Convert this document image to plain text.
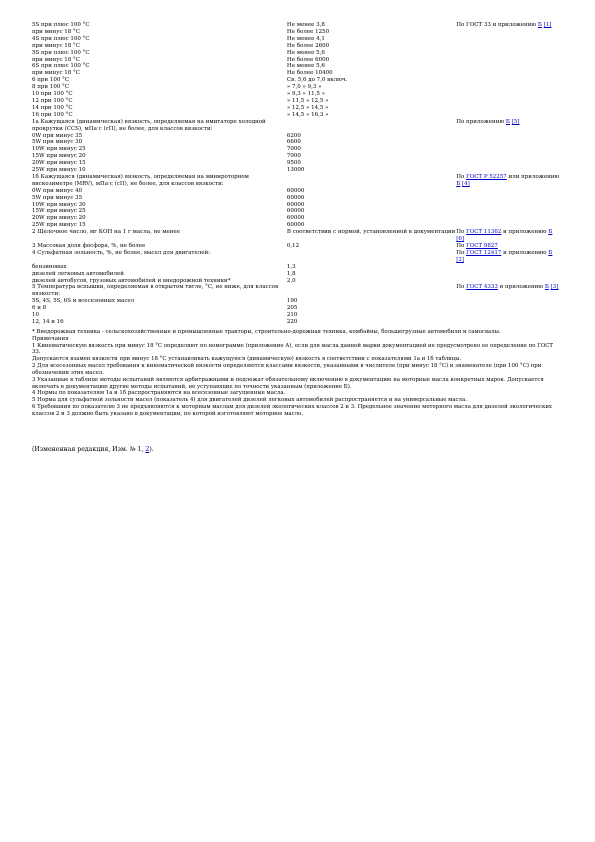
5S при плюс 100 °С	Не менее 3,8	По ГОСТ 33 и приложению Б [1]
при минус 18 °С	Не более 1250	
4S при плюс 100 °С	Не менее 4,1	
при минус 18 °С	Не более 2600	
5S при плюс 100 °С	Не менее 5,6	
при минус 18 °С	Не более 6000	
6S при плюс 100 °С	Не менее 5,6	
при минус 18 °С	Не более 10400	
6 при 100 °С	Св. 5,6 до 7,0 включ.	
8 при 100 °С	» 7,0 » 9,3 »	
10 при 100 °С	» 9,3 » 11,5 »	
12 при 100 °С	» 11,5 » 12,5 »	
14 при 100 °С	» 12,5 » 14,5 »	
16 при 100 °С	» 14,5 » 16,3 »	
1а Кажущаяся (динамическая) вязкость, определяемая на имитаторе холодной прокрутки (CCS), мПа·с (сП), не более, для классов вязкости:		По приложению Б [5]
0W при минус 35	6200	
5W при минус 30	6600	
10W при минус 25	7000	
15W при минус 20	7000	
20W при минус 15	9500	
25W при минус 10	13000	
1б Кажущаяся (динамическая) вязкость, определяемая на минироторном вискозиметре (MRV), мПа·с (сП), не более, для классов вязкости:		По ГОСТ Р 52257 или приложению Б [4]
0W при минус 40	60000	
5W при минус 35	60000	
10W при минус 30	60000	
15W при минус 25	60000	
20W при минус 20	60000	
25W при минус 15	60000	
2 Щелочное число, мг КОН на 1 г масла, не менее	В соответствии с нормой, установленной в документации	По ГОСТ 11362 и приложению Б [6]
3 Массовая доля фосфора, %, не более	0,12	По ГОСТ 9827
4 Сульфатная зольность, %, не более, масел для двигателей:		По ГОСТ 12417 и приложению Б [2]
бензиновых	1,3	
дизелей легковых автомобилей	1,8	
дизелей автобусов, грузовых автомобилей и внедорожной техники*	2,0	
5 Температура вспышки, определяемая в открытом тигле, °С, не ниже, для классов вязкости:		По ГОСТ 4333 и приложению Б [3]
5S, 4S, 5S, 6S и всесезонных масел	190	
6 и 8	205	
10	210	
12, 14 и 16	220	

* Внедорожная техника - сельскохозяйственные и промышленные тракторы, строительно-дорожная техника, комбайны, большегрузные автомобили и самосвалы.

Примечания

1 Кинематическую вязкость при минус 18 °С определяют по номограмме (приложение А), если для масла данной марки документацией не предусмотрено ее определение по ГОСТ 33.

Допускается взамен вязкости при минус 18 °С устанавливать кажущуюся (динамическую) вязкость в соответствии с показателями 1а и 1б таблицы.

2 Для всесезонных масел требования к кинематической вязкости определяются классами вязкости, указанными в числителе (при минус 18 °С) и знаменателе (при 100 °С) при обозначении этих масел.

3 Указанные в таблице методы испытаний являются арбитражными и подлежат обязательному включению в документацию на моторные масла конкретных марок. Допускается включать в документацию другие методы испытаний, не уступающие по точности указанным (приложение Б).

4 Нормы по показателям 1а и 1б распространяются на всесезонные загущенные масла.

5 Норма для сульфатной зольности масел (показатель 4) для двигателей дизелей легковых автомобилей распространяется и на универсальные масла.

6 Требования по показателю 3 не предъявляются к моторным маслам для дизелей экологических классов 2 и 3. Предельное значение моторного масла для дизелей экологических классов 2 и 3 должно быть указано в документации, по которой изготовляют моторное масло.

(Измененная редакция, Изм. № 1, 2).
